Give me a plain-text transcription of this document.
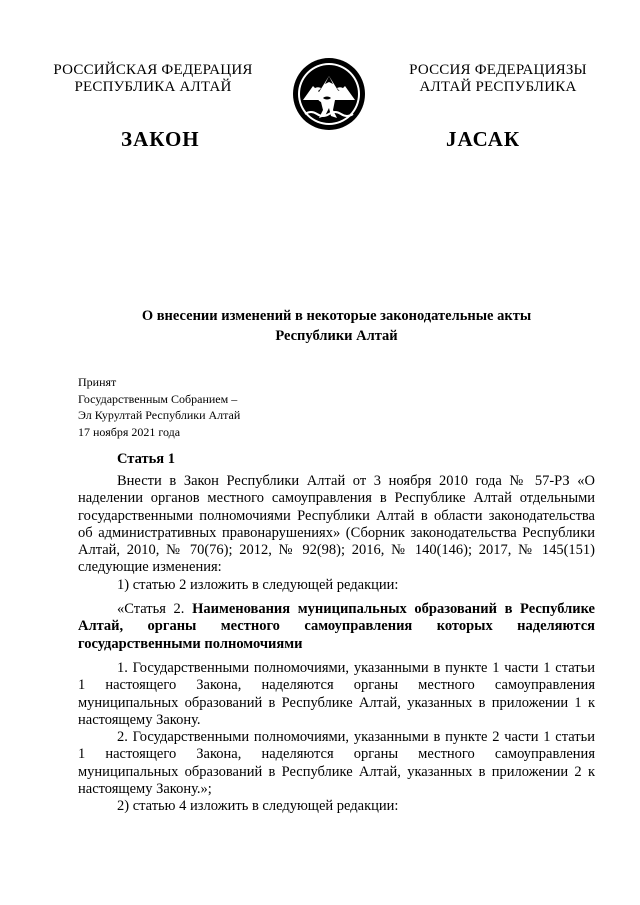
РОССИЙСКАЯ ФЕДЕРАЦИЯ
РЕСПУБЛИКА АЛТАЙ
РОССИЯ ФЕДЕРАЦИЯЗЫ
АЛТАЙ РЕСПУБЛИКА
ЗАКОН	JАСАК
О внесении изменений в некоторые законодательные акты
Республики Алтай
Принят
Государственным Собранием –
Эл Курултай Республики Алтай
17 ноября 2021 года
Статья 1

Внести в Закон Республики Алтай от 3 ноября 2010 года № 57-РЗ «О наделении органов местного самоуправления в Республике Алтай отдельными государственными полномочиями Республики Алтай в области законодательства об административных правонарушениях» (Сборник законодательства Республики Алтай, 2010, № 70(76); 2012, № 92(98); 2016, № 140(146); 2017, № 145(151) следующие изменения:

1) статью 2 изложить в следующей редакции:

«Статья 2. Наименования муниципальных образований в Республике Алтай, органы местного самоуправления которых наделяются государственными полномочиями

1. Государственными полномочиями, указанными в пункте 1 части 1 статьи 1 настоящего Закона, наделяются органы местного самоуправления муниципальных образований в Республике Алтай, указанных в приложении 1 к настоящему Закону.

2. Государственными полномочиями, указанными в пункте 2 части 1 статьи 1 настоящего Закона, наделяются органы местного самоуправления муниципальных образований в Республике Алтай, указанных в приложении 2 к настоящему Закону.»;

2) статью 4 изложить в следующей редакции:
